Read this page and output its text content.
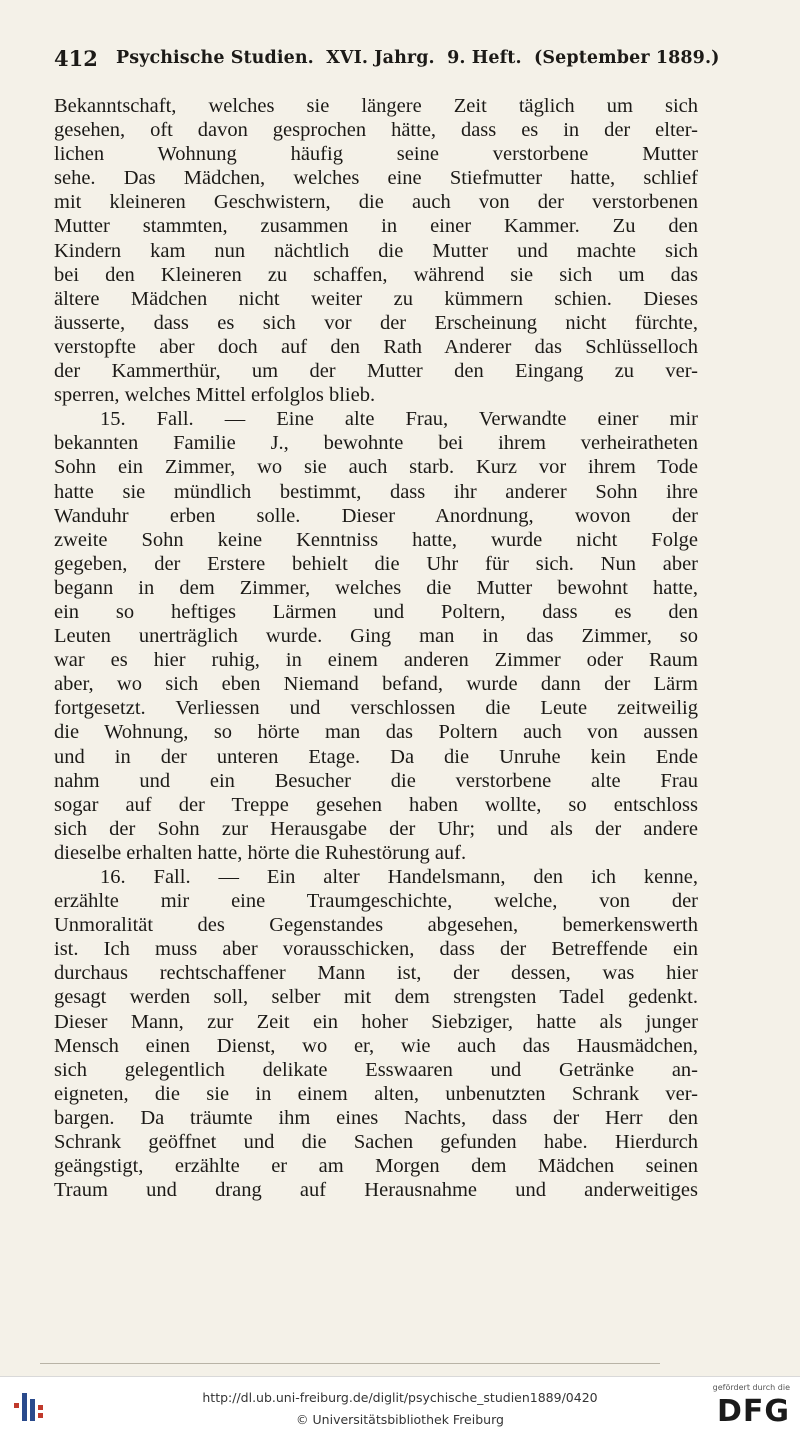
412 Psychische Studien.  XVI. Jahrg.  9. Heft.  (September 1889.)
Bekanntschaft, welches sie längere Zeit täglich um sich
gesehen, oft davon gesprochen hätte, dass es in der elter-
lichen Wohnung häufig seine verstorbene Mutter
sehe. Das Mädchen, welches eine Stiefmutter hatte, schlief
mit kleineren Geschwistern, die auch von der verstorbenen
Mutter stammten, zusammen in einer Kammer. Zu den
Kindern kam nun nächtlich die Mutter und machte sich
bei den Kleineren zu schaffen, während sie sich um das
ältere Mädchen nicht weiter zu kümmern schien. Dieses
äusserte, dass es sich vor der Erscheinung nicht fürchte,
verstopfte aber doch auf den Rath Anderer das Schlüsselloch
der Kammerthür, um der Mutter den Eingang zu ver-
sperren, welches Mittel erfolglos blieb.
15. Fall. — Eine alte Frau, Verwandte einer mir
bekannten Familie J., bewohnte bei ihrem verheiratheten
Sohn ein Zimmer, wo sie auch starb. Kurz vor ihrem Tode
hatte sie mündlich bestimmt, dass ihr anderer Sohn ihre
Wanduhr erben solle. Dieser Anordnung, wovon der
zweite Sohn keine Kenntniss hatte, wurde nicht Folge
gegeben, der Erstere behielt die Uhr für sich. Nun aber
begann in dem Zimmer, welches die Mutter bewohnt hatte,
ein so heftiges Lärmen und Poltern, dass es den
Leuten unerträglich wurde. Ging man in das Zimmer, so
war es hier ruhig, in einem anderen Zimmer oder Raum
aber, wo sich eben Niemand befand, wurde dann der Lärm
fortgesetzt. Verliessen und verschlossen die Leute zeitweilig
die Wohnung, so hörte man das Poltern auch von aussen
und in der unteren Etage. Da die Unruhe kein Ende
nahm und ein Besucher die verstorbene alte Frau
sogar auf der Treppe gesehen haben wollte, so entschloss
sich der Sohn zur Herausgabe der Uhr; und als der andere
dieselbe erhalten hatte, hörte die Ruhestörung auf.
16. Fall. — Ein alter Handelsmann, den ich kenne,
erzählte mir eine Traumgeschichte, welche, von der
Unmoralität des Gegenstandes abgesehen, bemerkenswerth
ist. Ich muss aber vorausschicken, dass der Betreffende ein
durchaus rechtschaffener Mann ist, der dessen, was hier
gesagt werden soll, selber mit dem strengsten Tadel gedenkt.
Dieser Mann, zur Zeit ein hoher Siebziger, hatte als junger
Mensch einen Dienst, wo er, wie auch das Hausmädchen,
sich gelegentlich delikate Esswaaren und Getränke an-
eigneten, die sie in einem alten, unbenutzten Schrank ver-
bargen. Da träumte ihm eines Nachts, dass der Herr den
Schrank geöffnet und die Sachen gefunden habe. Hierdurch
geängstigt, erzählte er am Morgen dem Mädchen seinen
Traum und drang auf Herausnahme und anderweitiges
http://dl.ub.uni-freiburg.de/diglit/psychische_studien1889/0420
© Universitätsbibliothek Freiburg
gefördert durch die
DFG
